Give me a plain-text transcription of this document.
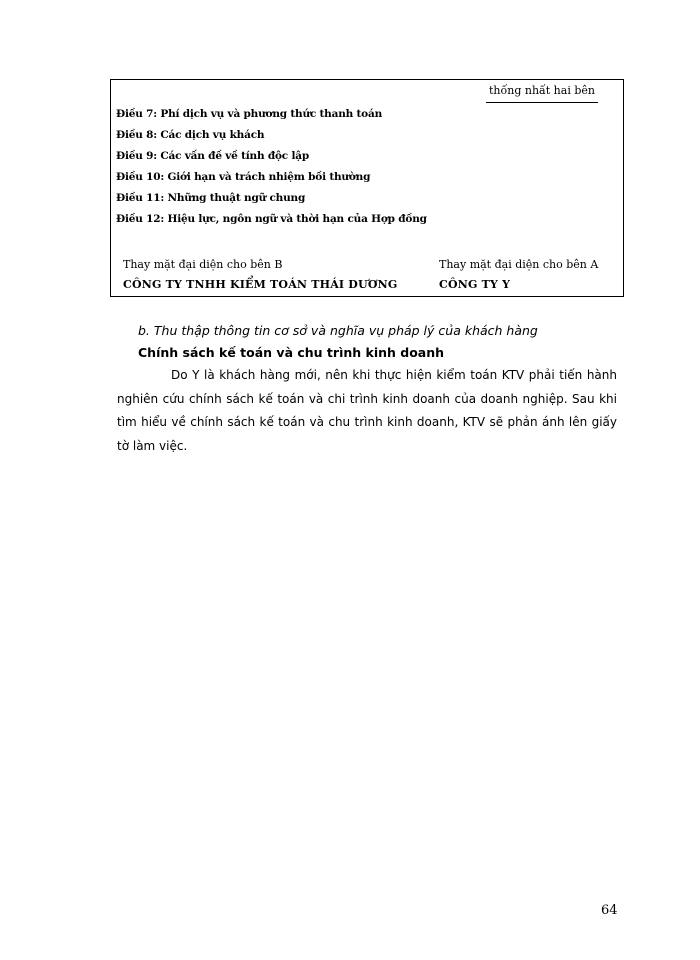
thống nhất hai bên
Điều 7: Phí dịch vụ và phương thức thanh toán
Điều 8: Các dịch vụ khách
Điều 9: Các vấn đề về tính độc lập
Điều 10: Giới hạn và trách nhiệm bồi thường
Điều 11: Những thuật ngữ chung
Điều 12: Hiệu lực, ngôn ngữ và thời hạn của Hợp đồng
Thay mặt đại diện cho bên B
CÔNG TY TNHH KIỂM TOÁN THÁI DƯƠNG
Thay mặt đại diện cho bên A
CÔNG TY Y
b. Thu thập thông tin cơ sở và nghĩa vụ pháp lý của khách hàng
Chính sách kế toán và chu trình kinh doanh

Do Y là khách hàng mới, nên khi thực hiện kiểm toán KTV phải tiến hành nghiên cứu chính sách kế toán và chi trình kinh doanh của doanh nghiệp. Sau khi tìm hiểu về chính sách kế toán và chu trình kinh doanh, KTV sẽ phản ánh lên giấy tờ làm việc.

64
